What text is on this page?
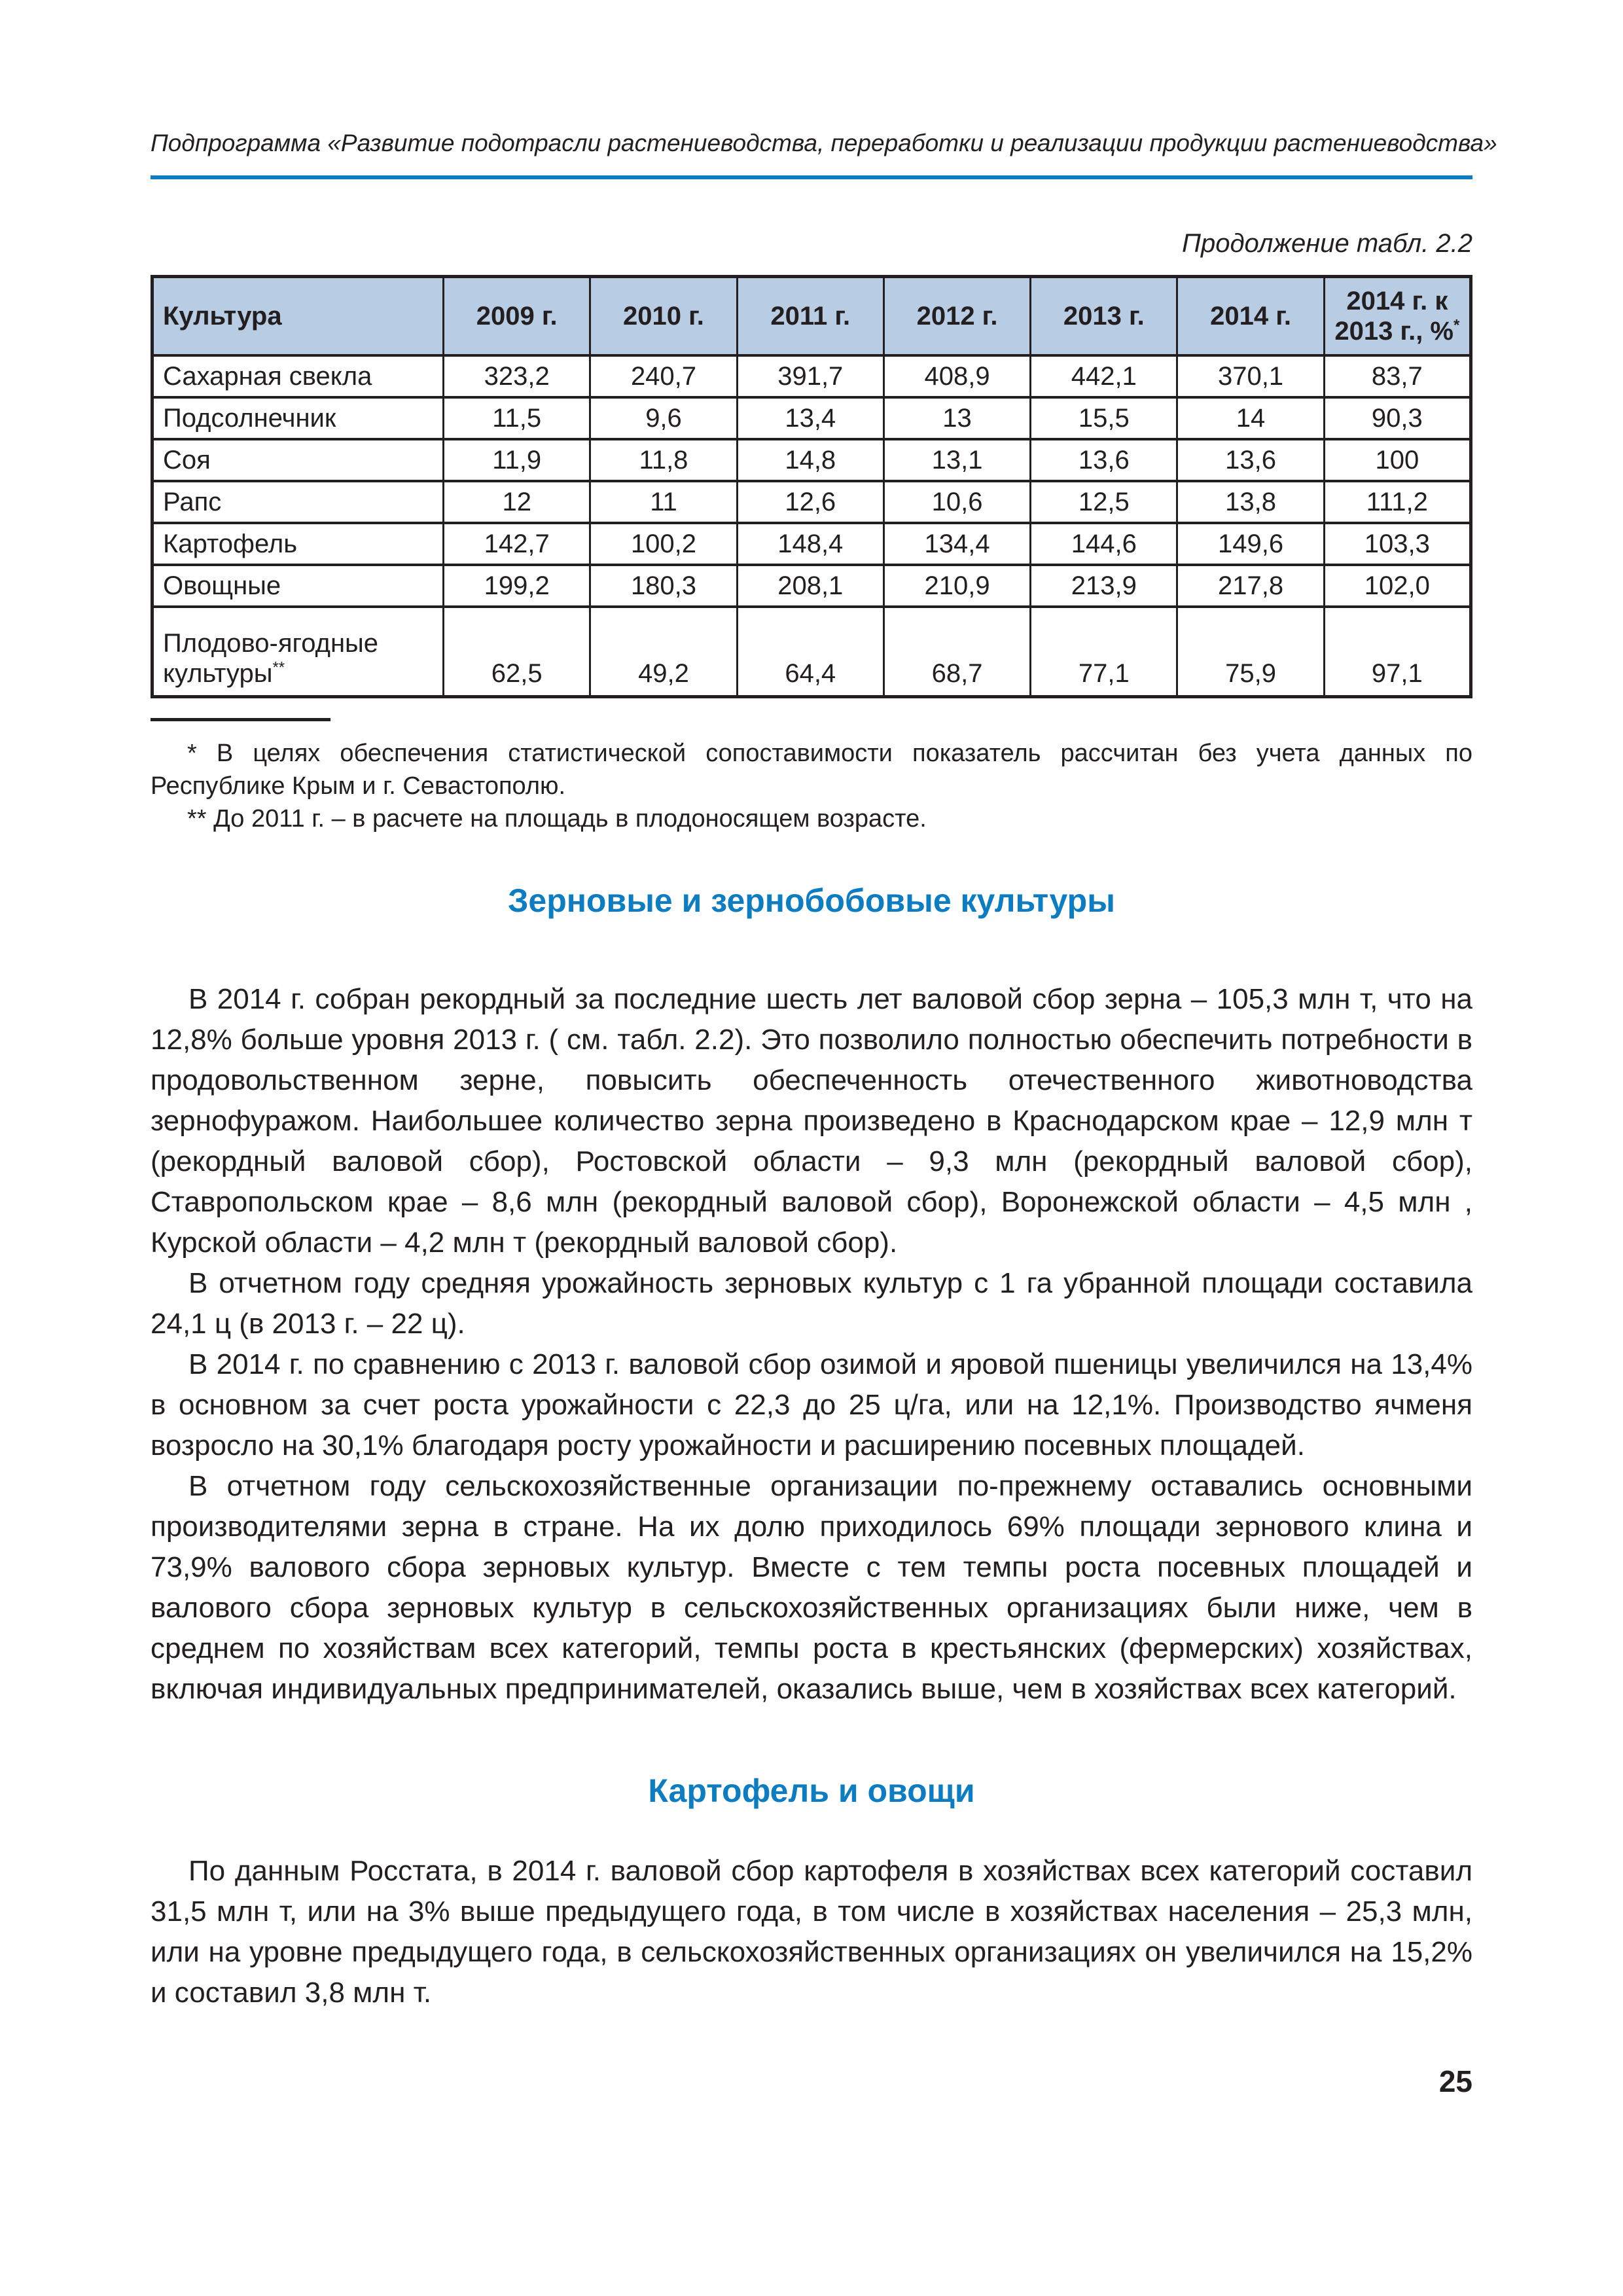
Подпрограмма «Развитие подотрасли растениеводства, переработки и реализации продукции растениеводства»
Продолжение табл. 2.2
Культура	2009 г.	2010 г.	2011 г.	2012 г.	2013 г.	2014 г.	2014 г. к
2013 г., %*
Сахарная свекла	323,2	240,7	391,7	408,9	442,1	370,1	83,7
Подсолнечник	11,5	9,6	13,4	13	15,5	14	90,3
Соя	11,9	11,8	14,8	13,1	13,6	13,6	100
Рапс	12	11	12,6	10,6	12,5	13,8	111,2
Картофель	142,7	100,2	148,4	134,4	144,6	149,6	103,3
Овощные	199,2	180,3	208,1	210,9	213,9	217,8	102,0
Плодово-ягодные культуры**	62,5	49,2	64,4	68,7	77,1	75,9	97,1

* В целях обеспечения статистической сопоставимости показатель рассчитан без учета данных по Республике Крым и г. Севастополю.

** До 2011 г. – в расчете на площадь в плодоносящем возрасте.

Зерновые и зернобобовые культуры

В 2014 г. собран рекордный за последние шесть лет валовой сбор зерна – 105,3 млн т, что на 12,8% больше уровня 2013 г. ( см. табл. 2.2). Это позволило полностью обеспечить потребности в продовольственном зерне, повысить обеспеченность отечественного животноводства зернофуражом. Наибольшее количество зерна произведено в Краснодарском крае – 12,9 млн т (рекордный валовой сбор), Ростовской области – 9,3 млн (рекордный валовой сбор), Ставропольском крае – 8,6 млн (рекордный валовой сбор), Воронежской области – 4,5 млн , Курской области – 4,2 млн т (рекордный валовой сбор).

В отчетном году средняя урожайность зерновых культур с 1 га убранной площади составила 24,1 ц (в 2013 г. – 22 ц).

В 2014 г. по сравнению с 2013 г. валовой сбор озимой и яровой пшеницы увеличился на 13,4% в основном за счет роста урожайности с 22,3 до 25 ц/га, или на 12,1%. Производство ячменя возросло на 30,1% благодаря росту урожайности и расширению посевных площадей.

В отчетном году сельскохозяйственные организации по-прежнему оставались основными производителями зерна в стране. На их долю приходилось 69% площади зернового клина и 73,9% валового сбора зерновых культур. Вместе с тем темпы роста посевных площадей и валового сбора зерновых культур в сельскохозяйственных организациях были ниже, чем в среднем по хозяйствам всех категорий, темпы роста в крестьянских (фермерских) хозяйствах, включая индивидуальных предпринимателей, оказались выше, чем в хозяйствах всех категорий.

Картофель и овощи

По данным Росстата, в 2014 г. валовой сбор картофеля в хозяйствах всех категорий составил 31,5 млн т, или на 3% выше предыдущего года, в том числе в хозяйствах населения – 25,3 млн, или на уровне предыдущего года, в сельскохозяйственных организациях он увеличился на 15,2% и составил 3,8 млн т.

25
